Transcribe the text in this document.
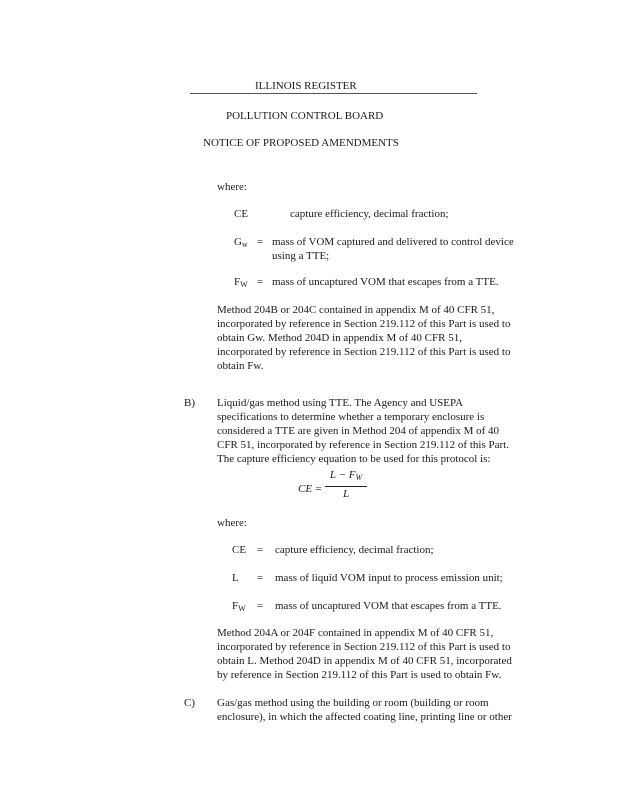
ILLINOIS REGISTER
POLLUTION CONTROL BOARD
NOTICE OF PROPOSED AMENDMENTS
where:
CE	capture efficiency, decimal fraction;
$G_w$ = mass of VOM captured and delivered to control device
using a TTE;
$F_W$ = mass of uncaptured VOM that escapes from a TTE.
Method 204B or 204C contained in appendix M of 40 CFR 51,
incorporated by reference in Section 219.112 of this Part is used to
obtain Gw. Method 204D in appendix M of 40 CFR 51,
incorporated by reference in Section 219.112 of this Part is used to
obtain Fw.
B) Liquid/gas method using TTE. The Agency and USEPA
specifications to determine whether a temporary enclosure is
considered a TTE are given in Method 204 of appendix M of 40
CFR 51, incorporated by reference in Section 219.112 of this Part.
The capture efficiency equation to be used for this protocol is:
CE =
$L - F_W$
L
where:
CE = capture efficiency, decimal fraction;
L = mass of liquid VOM input to process emission unit;
$F_W$ = mass of uncaptured VOM that escapes from a TTE.
Method 204A or 204F contained in appendix M of 40 CFR 51,
incorporated by reference in Section 219.112 of this Part is used to
obtain L. Method 204D in appendix M of 40 CFR 51, incorporated
by reference in Section 219.112 of this Part is used to obtain Fw.
C) Gas/gas method using the building or room (building or room
enclosure), in which the affected coating line, printing line or other
